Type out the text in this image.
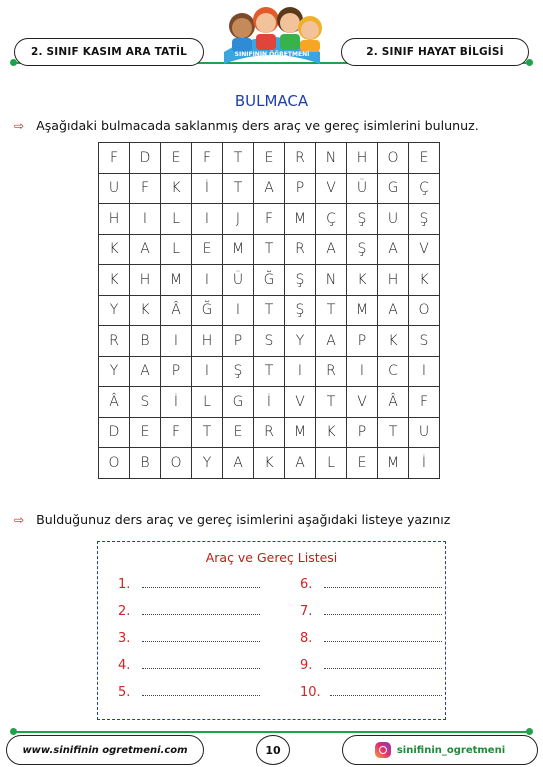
2. SINIF KASIM ARA TATİL	2. SINIF HAYAT BİLGİSİ
SINIFININ ÖĞRETMENİ
BULMACA
⇨ Aşağıdaki bulmacada saklanmış ders araç ve gereç isimlerini bulunuz.
F	D	E	F	T	E	R	N	H	O	E
U	F	K	İ	T	A	P	V	Ü	G	Ç
H	I	L	I	J	F	M	Ç	Ş	U	Ş
K	A	L	E	M	T	R	A	Ş	A	V
K	H	M	I	Ü	Ğ	Ş	N	K	H	K
Y	K	Â	Ğ	I	T	Ş	T	M	A	O
R	B	I	H	P	S	Y	A	P	K	S
Y	A	P	I	Ş	T	I	R	I	C	I
Â	S	İ	L	G	İ	V	T	V	Â	F
D	E	F	T	E	R	M	K	P	T	U
O	B	O	Y	A	K	A	L	E	M	İ
⇨ Bulduğunuz ders araç ve gereç isimlerini aşağıdaki listeye yazınız
Araç ve Gereç Listesi
1.
2.
3.
4.
5.
6.
7.
8.
9.
10.
www.sinifinin ogretmeni.com	10	sinifinin_ogretmeni
